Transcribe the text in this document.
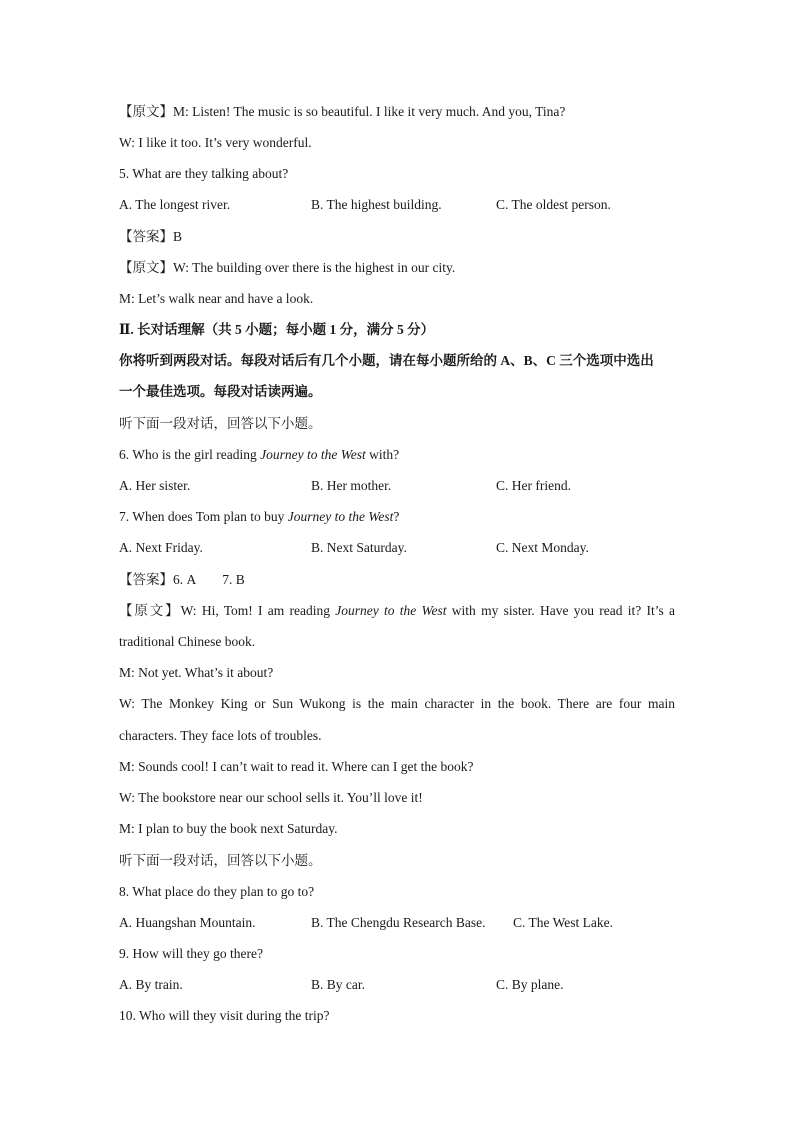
【原文】M: Listen! The music is so beautiful. I like it very much. And you, Tina?
W: I like it too. It’s very wonderful.
5. What are they talking about?
A. The longest river.	B. The highest building.	C. The oldest person.
【答案】B
【原文】W: The building over there is the highest in our city.
M: Let’s walk near and have a look.
Ⅱ. 长对话理解（共 5 小题；每小题 1 分，满分 5 分）
你将听到两段对话。每段对话后有几个小题，请在每小题所给的 A、B、C 三个选项中选出
一个最佳选项。每段对话读两遍。
听下面一段对话，回答以下小题。
6. Who is the girl reading Journey to the West with?
A. Her sister.	B. Her mother.	C. Her friend.
7. When does Tom plan to buy Journey to the West?
A. Next Friday.	B. Next Saturday.	C. Next Monday.
【答案】6. A 7. B
【原文】W: Hi, Tom! I am reading Journey to the West with my sister. Have you read it? It’s a
traditional Chinese book.
M: Not yet. What’s it about?
W: The Monkey King or Sun Wukong is the main character in the book. There are four main
characters. They face lots of troubles.
M: Sounds cool! I can’t wait to read it. Where can I get the book?
W: The bookstore near our school sells it. You’ll love it!
M: I plan to buy the book next Saturday.
听下面一段对话，回答以下小题。
8. What place do they plan to go to?
A. Huangshan Mountain.	B. The Chengdu Research Base. C. The West Lake.
9. How will they go there?
A. By train.	B. By car.	C. By plane.
10. Who will they visit during the trip?
